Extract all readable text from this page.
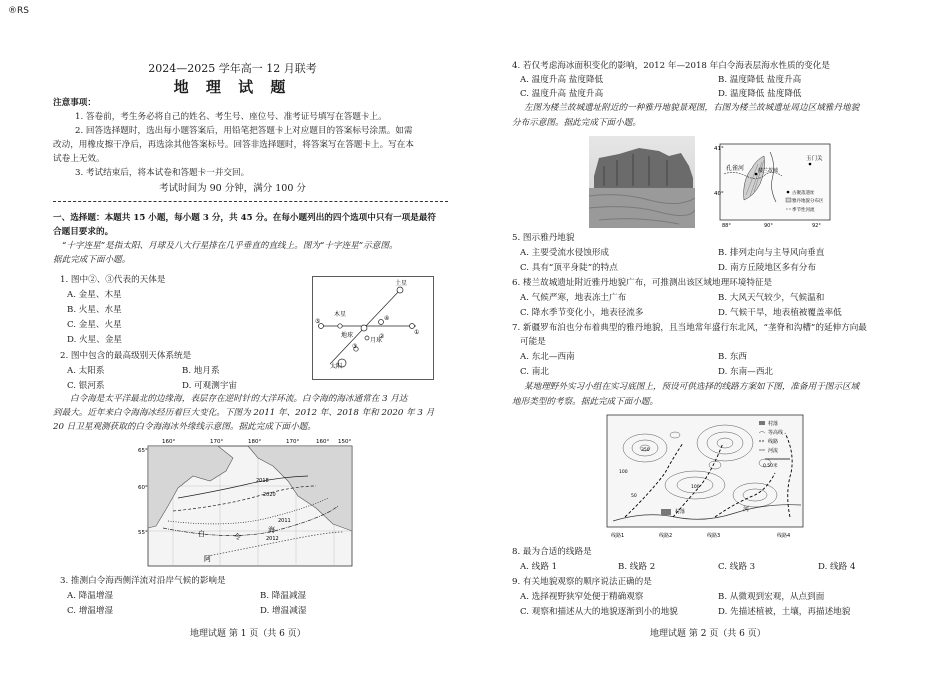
®RS
2024—2025 学年高一 12 月联考
地 理 试 题
注意事项：
1. 答卷前，考生务必将自己的姓名、考生号、座位号、准考证号填写在答题卡上。
2. 回答选择题时，选出每小题答案后，用铅笔把答题卡上对应题目的答案标号涂黑。如需
改动，用橡皮擦干净后，再选涂其他答案标号。回答非选择题时，将答案写在答题卡上。写在本
试卷上无效。
3. 考试结束后，将本试卷和答题卡一并交回。
考试时间为 90 分钟，满分 100 分
一、选择题：本题共 15 小题，每小题 3 分，共 45 分。在每小题列出的四个选项中只有一项是最符
合题目要求的。
“十字连星”是指太阳、月球及八大行星排在几乎垂直的直线上。图为“十字连星”示意图。
据此完成下面小题。
1. 图中②、③代表的天体是
A. 金星、木星
B. 火星、水星
C. 金星、火星
D. 火星、金星
土星
木星
⑤
地球
④
①
月球
②
③
太阳
2. 图中包含的最高级别天体系统是
A. 太阳系	B. 地月系
C. 银河系	D. 可观测宇宙
白令海是太平洋最北的边缘海，表层存在逆时针的大洋环流。白令海的海冰通常在 3 月达
到最大。近年来白令海海冰经历着巨大变化。下图为 2011 年、2012 年、2018 年和 2020 年 3 月
20 日卫星观测获取的白令海海冰外缘线示意图。据此完成下面小题。
160°	170°	180°	170°	160° 150°
65°
60°
55°
2018
2020
2011
2012
白	令
海
阿
3. 推测白令海西侧洋流对沿岸气候的影响是
A. 降温增湿	B. 降温减湿
C. 增温增湿	D. 增温减湿
地理试题 第 1 页（共 6 页）
4. 若仅考虑海冰面积变化的影响，2012 年—2018 年白令海表层海水性质的变化是
A. 温度升高 盐度降低	B. 温度降低 盐度升高
C. 温度升高 盐度升高	D. 温度降低 盐度降低
左图为楼兰故城遗址附近的一种雅丹地貌景观图，右图为楼兰故城遗址周边区域雅丹地貌
分布示意图。据此完成下面小题。
41°
40°
88°	90°	92°
孔雀河	楼兰故城
玉门关
古聚落遗址
雅丹地貌分布区
季节性河流
5. 图示雅丹地貌
A. 主要受流水侵蚀形成	B. 排列走向与主导风向垂直
C. 具有“顶平身陡”的特点	D. 南方丘陵地区多有分布
6. 楼兰故城遗址附近雅丹地貌广布，可推测出该区域地理环境特征是
A. 气候严寒，地表冻土广布	B. 大风天气较少，气候温和
C. 降水季节变化小，地表径流多	D. 气候干旱，地表植被覆盖率低
7. 新疆罗布泊也分布着典型的雅丹地貌，且当地常年盛行东北风，“垄脊和沟槽”的延伸方向最
可能是
A. 东北—西南	B. 东西
C. 南北	D. 东南—西北
某地理野外实习小组在实习底图上，预设可供选择的线路方案如下图，准备用于图示区域
地形类型的考察。据此完成下面小题。
村落
等高线
线路
河流
0 50米
350
100
50
100
村落	河
线路1	线路2	线路3	线路4
8. 最为合适的线路是
A. 线路 1	B. 线路 2	C. 线路 3	D. 线路 4
9. 有关地貌观察的顺序说法正确的是
A. 选择视野狭窄处便于精确观察	B. 从微观到宏观，从点到面
C. 观察和描述从大的地貌逐渐到小的地貌	D. 先描述植被，土壤，再描述地貌
地理试题 第 2 页（共 6 页）
